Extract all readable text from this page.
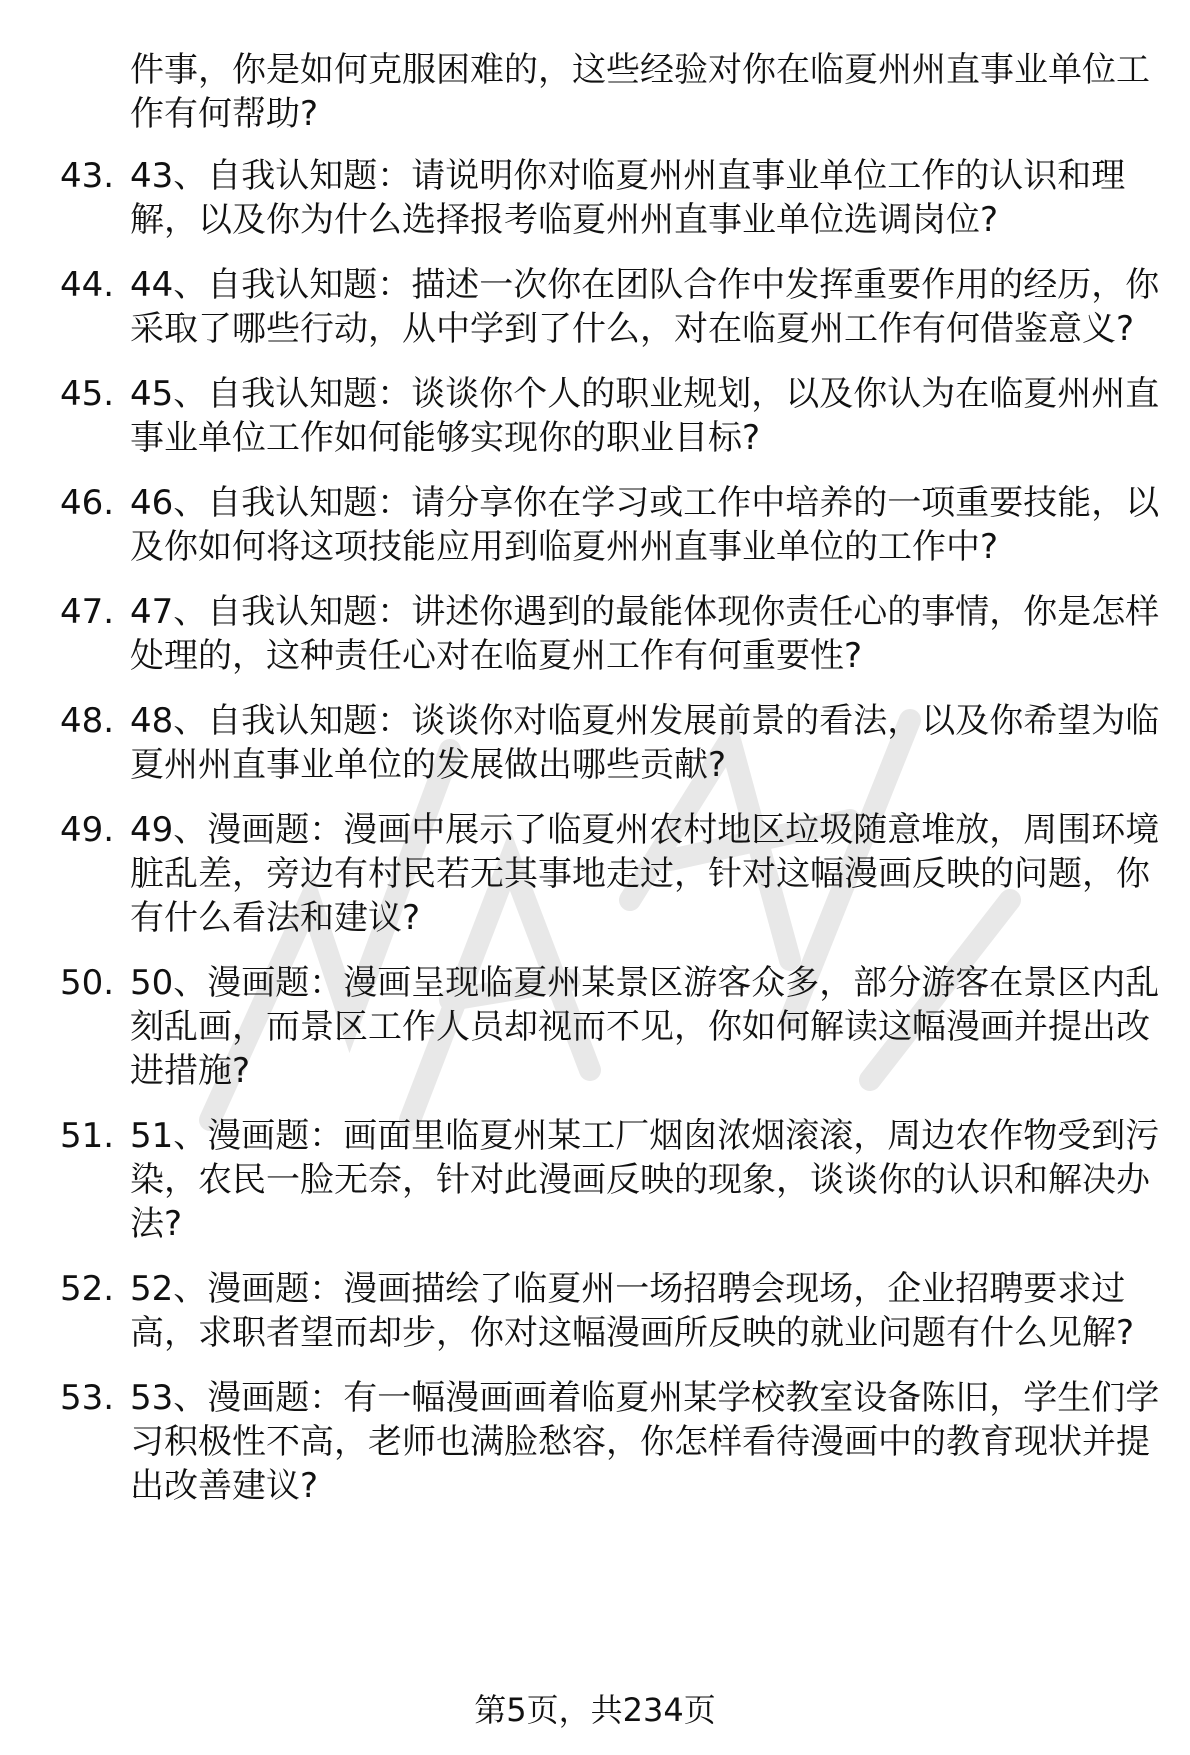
件事，你是如何克服困难的，这些经验对你在临夏州州直事业单位工作有何帮助?
43. 43、自我认知题：请说明你对临夏州州直事业单位工作的认识和理解，以及你为什么选择报考临夏州州直事业单位选调岗位?
44. 44、自我认知题：描述一次你在团队合作中发挥重要作用的经历，你采取了哪些行动，从中学到了什么，对在临夏州工作有何借鉴意义?
45. 45、自我认知题：谈谈你个人的职业规划，以及你认为在临夏州州直事业单位工作如何能够实现你的职业目标?
46. 46、自我认知题：请分享你在学习或工作中培养的一项重要技能，以及你如何将这项技能应用到临夏州州直事业单位的工作中?
47. 47、自我认知题：讲述你遇到的最能体现你责任心的事情，你是怎样处理的，这种责任心对在临夏州工作有何重要性?
48. 48、自我认知题：谈谈你对临夏州发展前景的看法，以及你希望为临夏州州直事业单位的发展做出哪些贡献?
49. 49、漫画题：漫画中展示了临夏州农村地区垃圾随意堆放，周围环境脏乱差，旁边有村民若无其事地走过，针对这幅漫画反映的问题，你有什么看法和建议?
50. 50、漫画题：漫画呈现临夏州某景区游客众多，部分游客在景区内乱刻乱画，而景区工作人员却视而不见，你如何解读这幅漫画并提出改进措施?
51. 51、漫画题：画面里临夏州某工厂烟囱浓烟滚滚，周边农作物受到污染，农民一脸无奈，针对此漫画反映的现象，谈谈你的认识和解决办法?
52. 52、漫画题：漫画描绘了临夏州一场招聘会现场，企业招聘要求过高，求职者望而却步，你对这幅漫画所反映的就业问题有什么见解?
53. 53、漫画题：有一幅漫画画着临夏州某学校教室设备陈旧，学生们学习积极性不高，老师也满脸愁容，你怎样看待漫画中的教育现状并提出改善建议?
第5页，共234页
